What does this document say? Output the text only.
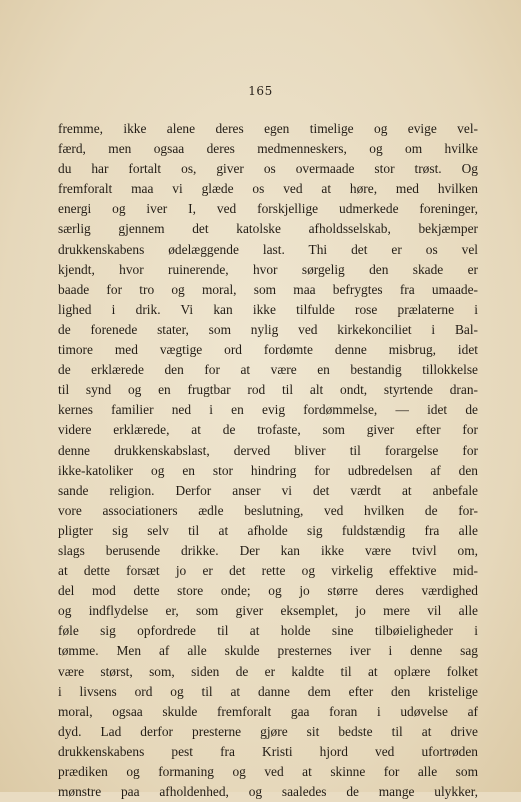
165
fremme, ikke alene deres egen timelige og evige vel-
færd, men ogsaa deres medmenneskers, og om hvilke
du har fortalt os, giver os overmaade stor trøst. Og
fremforalt maa vi glæde os ved at høre, med hvilken
energi og iver I, ved forskjellige udmerkede foreninger,
særlig gjennem det katolske afholdsselskab, bekjæmper
drukkenskabens ødelæggende last. Thi det er os vel
kjendt, hvor ruinerende, hvor sørgelig den skade er
baade for tro og moral, som maa befrygtes fra umaade-
lighed i drik. Vi kan ikke tilfulde rose prælaterne i
de forenede stater, som nylig ved kirkekonciliet i Bal-
timore med vægtige ord fordømte denne misbrug, idet
de erklærede den for at være en bestandig tillokkelse
til synd og en frugtbar rod til alt ondt, styrtende dran-
kernes familier ned i en evig fordømmelse, — idet de
videre erklærede, at de trofaste, som giver efter for
denne drukkenskabslast, derved bliver til forargelse for
ikke-katoliker og en stor hindring for udbredelsen af den
sande religion. Derfor anser vi det værdt at anbefale
vore associationers ædle beslutning, ved hvilken de for-
pligter sig selv til at afholde sig fuldstændig fra alle
slags berusende drikke. Der kan ikke være tvivl om,
at dette forsæt jo er det rette og virkelig effektive mid-
del mod dette store onde; og jo større deres værdighed
og indflydelse er, som giver eksemplet, jo mere vil alle
føle sig opfordrede til at holde sine tilbøieligheder i
tømme. Men af alle skulde presternes iver i denne sag
være størst, som, siden de er kaldte til at oplære folket
i livsens ord og til at danne dem efter den kristelige
moral, ogsaa skulde fremforalt gaa foran i udøvelse af
dyd. Lad derfor presterne gjøre sit bedste til at drive
drukkenskabens pest fra Kristi hjord ved ufortrøden
prædiken og formaning og ved at skinne for alle som
mønstre paa afholdenhed, og saaledes de mange ulykker,
